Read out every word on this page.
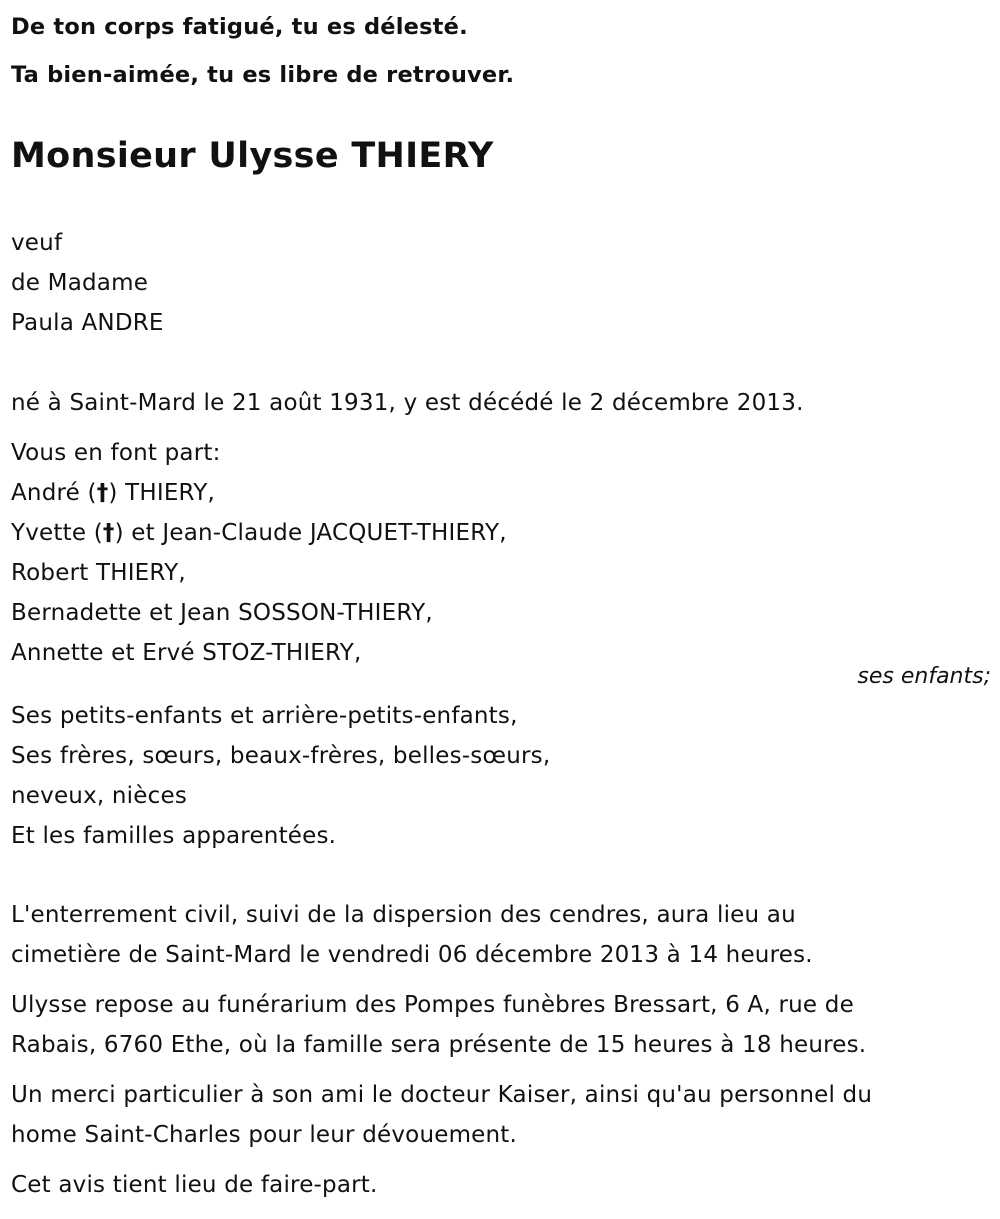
De ton corps fatigué, tu es délesté.
Ta bien-aimée, tu es libre de retrouver.
Monsieur Ulysse THIERY
veuf
de Madame
Paula ANDRE
né à Saint-Mard le 21 août 1931, y est décédé le 2 décembre 2013.
Vous en font part:
André (†) THIERY,
Yvette (†) et Jean-Claude JACQUET-THIERY,
Robert THIERY,
Bernadette et Jean SOSSON-THIERY,
Annette et Ervé STOZ-THIERY,
ses enfants;
Ses petits-enfants et arrière-petits-enfants,
Ses frères, sœurs, beaux-frères, belles-sœurs,
neveux, nièces
Et les familles apparentées.
L'enterrement civil, suivi de la dispersion des cendres, aura lieu au
cimetière de Saint-Mard le vendredi 06 décembre 2013 à 14 heures.
Ulysse repose au funérarium des Pompes funèbres Bressart, 6 A, rue de
Rabais, 6760 Ethe, où la famille sera présente de 15 heures à 18 heures.
Un merci particulier à son ami le docteur Kaiser, ainsi qu'au personnel du
home Saint-Charles pour leur dévouement.
Cet avis tient lieu de faire-part.
